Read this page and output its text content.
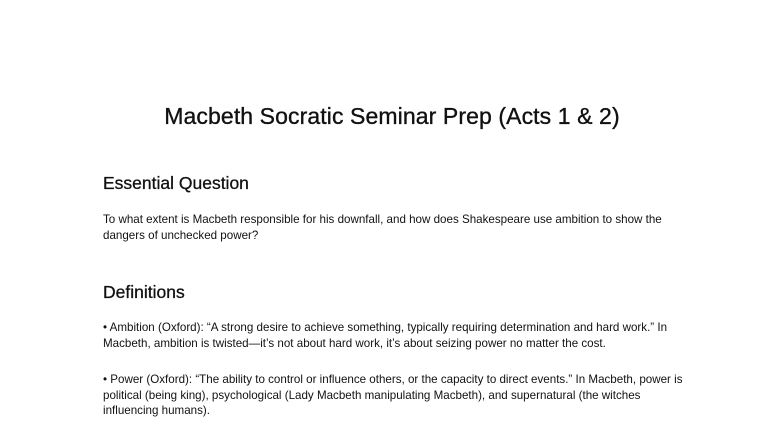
Macbeth Socratic Seminar Prep (Acts 1 & 2)
Essential Question

To what extent is Macbeth responsible for his downfall, and how does Shakespeare use ambition to show the dangers of unchecked power?

Definitions

• Ambition (Oxford): “A strong desire to achieve something, typically requiring determination and hard work.” In Macbeth, ambition is twisted—it’s not about hard work, it’s about seizing power no matter the cost.

• Power (Oxford): “The ability to control or influence others, or the capacity to direct events.” In Macbeth, power is political (being king), psychological (Lady Macbeth manipulating Macbeth), and supernatural (the witches influencing humans).
